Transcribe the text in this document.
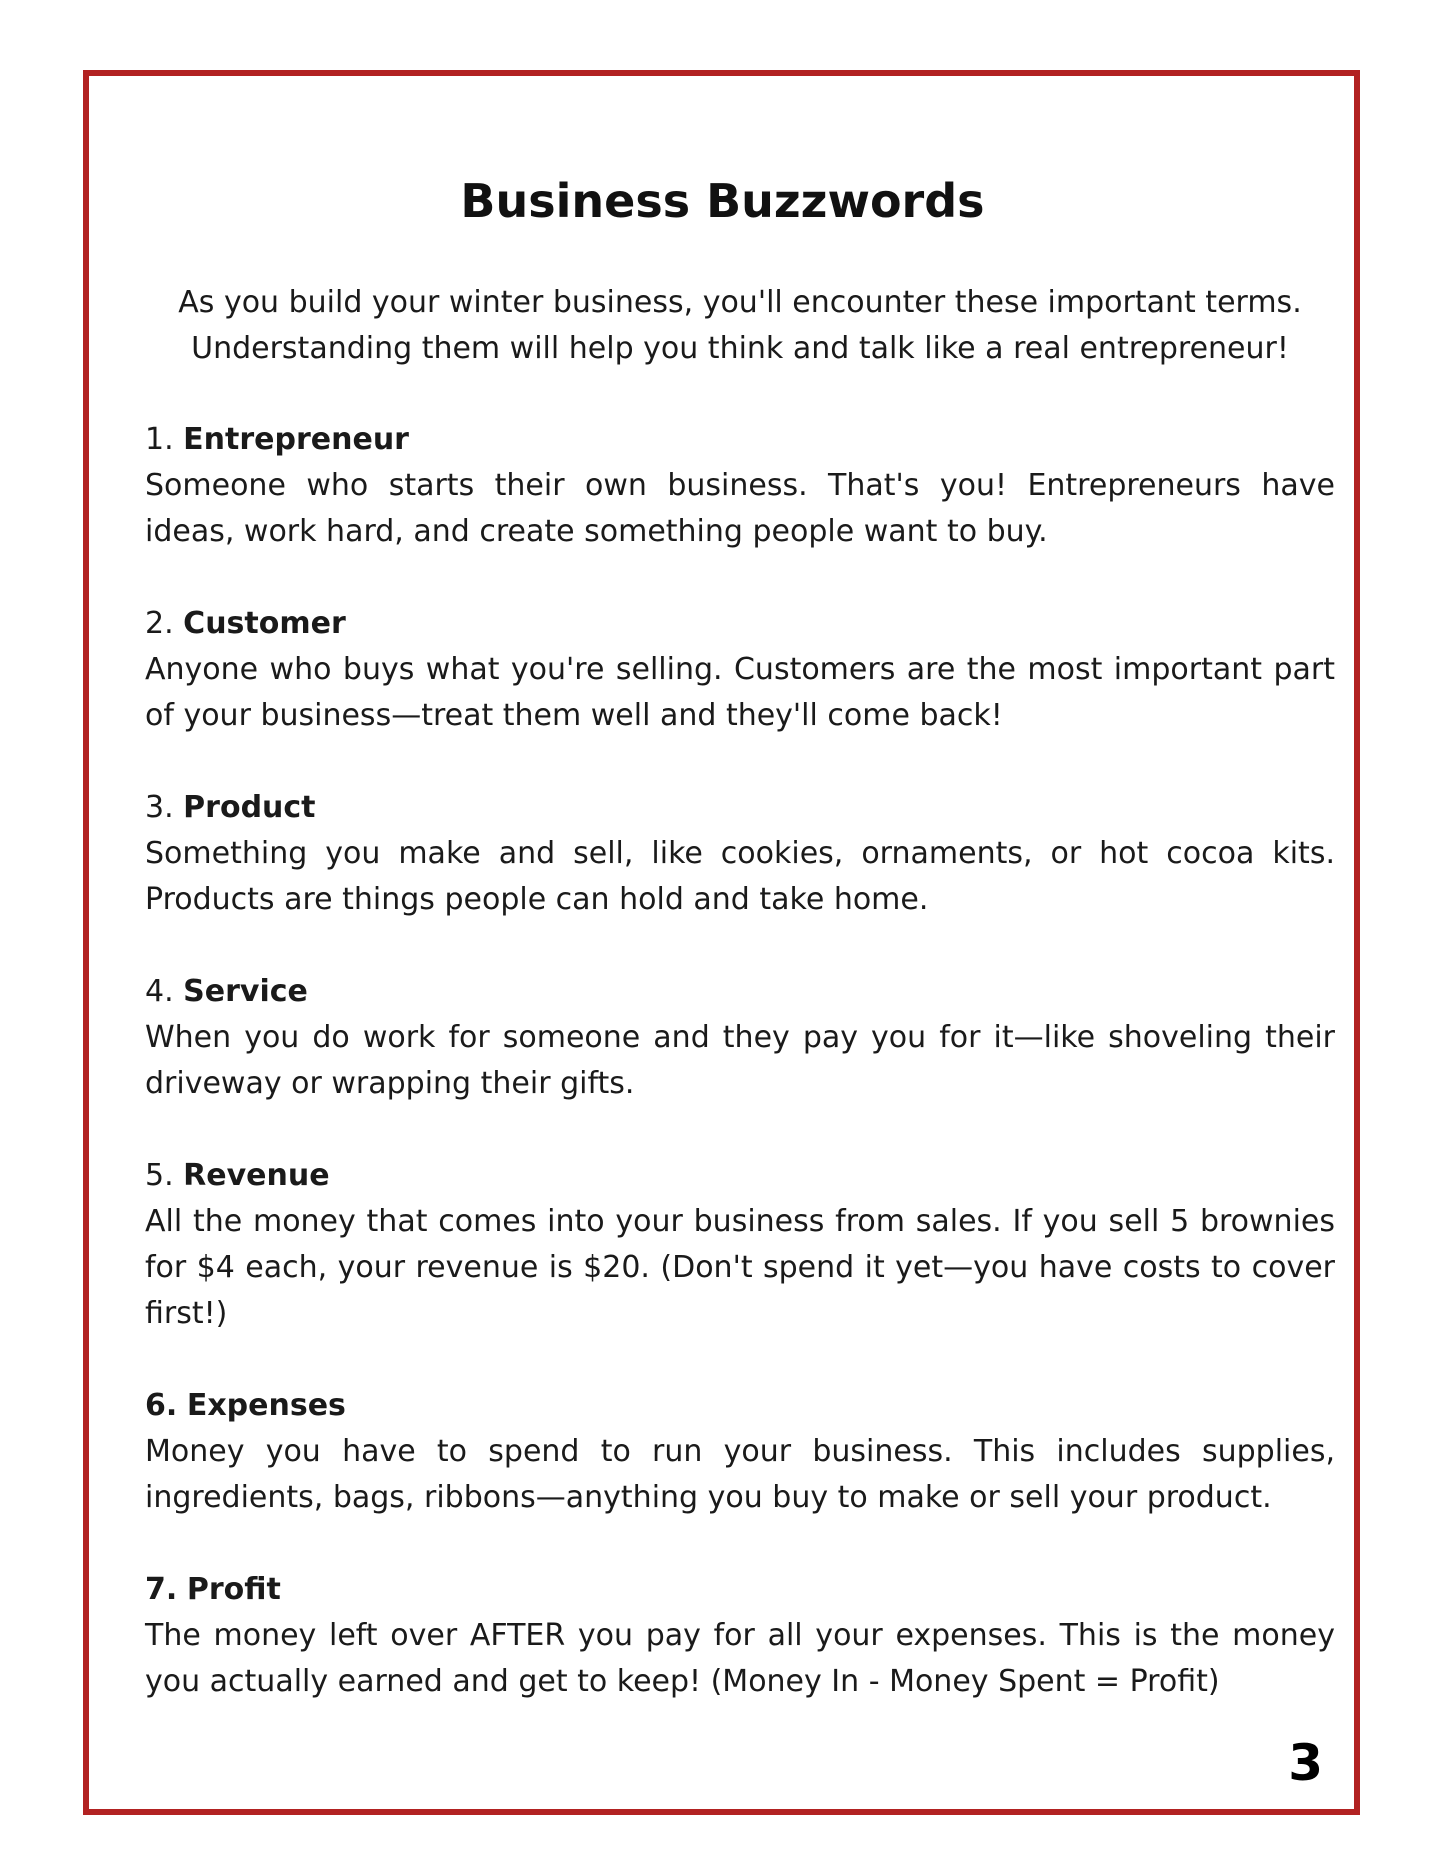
Business Buzzwords

As you build your winter business, you'll encounter these important terms.

Understanding them will help you think and talk like a real entrepreneur!

1. Entrepreneur

Someone who starts their own business. That's you! Entrepreneurs have ideas, work hard, and create something people want to buy.

2. Customer

Anyone who buys what you're selling. Customers are the most important part of your business—treat them well and they'll come back!

3. Product

Something you make and sell, like cookies, ornaments, or hot cocoa kits. Products are things people can hold and take home.

4. Service

When you do work for someone and they pay you for it—like shoveling their driveway or wrapping their gifts.

5. Revenue

All the money that comes into your business from sales. If you sell 5 brownies for $4 each, your revenue is $20. (Don't spend it yet—you have costs to cover first!)

6. Expenses

Money you have to spend to run your business. This includes supplies, ingredients, bags, ribbons—anything you buy to make or sell your product.

7. Profit

The money left over AFTER you pay for all your expenses. This is the money you actually earned and get to keep! (Money In - Money Spent = Profit)

3
